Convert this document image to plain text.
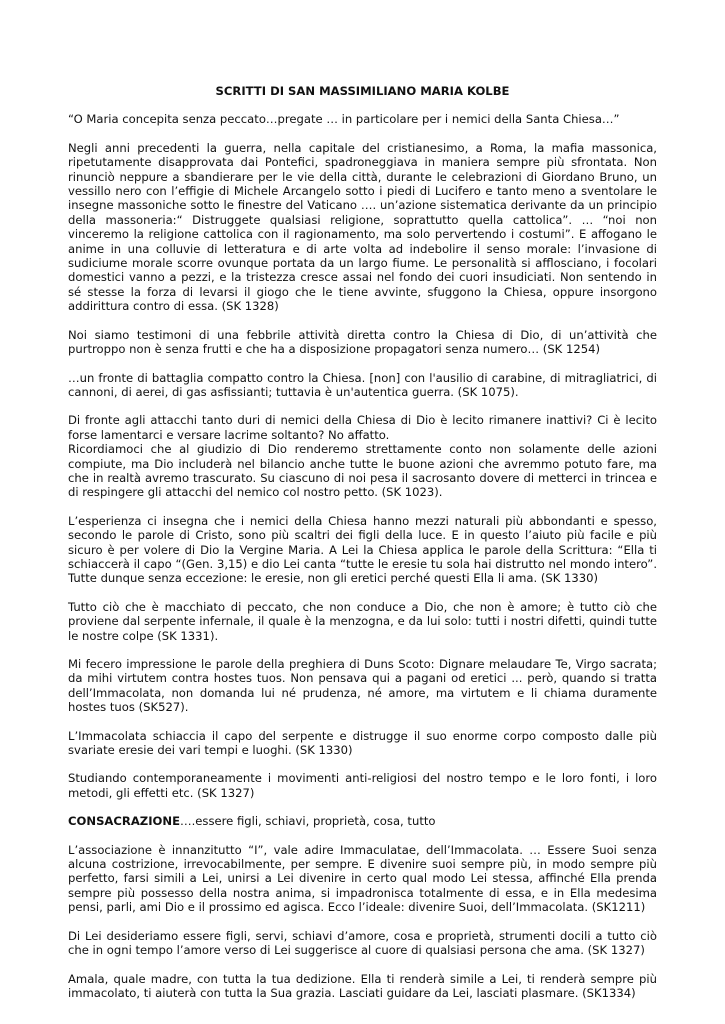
SCRITTI DI SAN MASSIMILIANO MARIA KOLBE

“O Maria concepita senza peccato…pregate … in particolare per i nemici della Santa Chiesa…”

Negli anni precedenti la guerra, nella capitale del cristianesimo, a Roma, la mafia massonica, ripetutamente disapprovata dai Pontefici, spadroneggiava in maniera sempre più sfrontata. Non rinunciò neppure a sbandierare per le vie della città, durante le celebrazioni di Giordano Bruno, un vessillo nero con l’effigie di Michele Arcangelo sotto i piedi di Lucifero e tanto meno a sventolare le insegne massoniche sotto le finestre del Vaticano …. un’azione sistematica derivante da un principio della massoneria:“ Distruggete qualsiasi religione, soprattutto quella cattolica”. … “noi non vinceremo la religione cattolica con il ragionamento, ma solo pervertendo i costumi”. E affogano le anime in una colluvie di letteratura e di arte volta ad indebolire il senso morale: l’invasione di sudiciume morale scorre ovunque portata da un largo fiume. Le personalità si afflosciano, i focolari domestici vanno a pezzi, e la tristezza cresce assai nel fondo dei cuori insudiciati. Non sentendo in sé stesse la forza di levarsi il giogo che le tiene avvinte, sfuggono la Chiesa, oppure insorgono addirittura contro di essa. (SK 1328)

Noi siamo testimoni di una febbrile attività diretta contro la Chiesa di Dio, di un’attività che purtroppo non è senza frutti e che ha a disposizione propagatori senza numero… (SK 1254)

…un fronte di battaglia compatto contro la Chiesa. [non] con l'ausilio di carabine, di mitragliatrici, di cannoni, di aerei, di gas asfissianti; tuttavia è un'autentica guerra. (SK 1075).

Di fronte agli attacchi tanto duri di nemici della Chiesa di Dio è lecito rimanere inattivi? Ci è lecito forse lamentarci e versare lacrime soltanto? No affatto.

Ricordiamoci che al giudizio di Dio renderemo strettamente conto non solamente delle azioni compiute, ma Dio includerà nel bilancio anche tutte le buone azioni che avremmo potuto fare, ma che in realtà avremo trascurato. Su ciascuno di noi pesa il sacrosanto dovere di metterci in trincea e di respingere gli attacchi del nemico col nostro petto. (SK 1023).

L’esperienza ci insegna che i nemici della Chiesa hanno mezzi naturali più abbondanti e spesso, secondo le parole di Cristo, sono più scaltri dei figli della luce. E in questo l’aiuto più facile e più sicuro è per volere di Dio la Vergine Maria. A Lei la Chiesa applica le parole della Scrittura: “Ella ti schiaccerà il capo “(Gen. 3,15) e dio Lei canta “tutte le eresie tu sola hai distrutto nel mondo intero”. Tutte dunque senza eccezione: le eresie, non gli eretici perché questi Ella li ama. (SK 1330)

Tutto ciò che è macchiato di peccato, che non conduce a Dio, che non è amore; è tutto ciò che proviene dal serpente infernale, il quale è la menzogna, e da lui solo: tutti i nostri difetti, quindi tutte le nostre colpe (SK 1331).

Mi fecero impressione le parole della preghiera di Duns Scoto: Dignare melaudare Te, Virgo sacrata; da mihi virtutem contra hostes tuos. Non pensava qui a pagani od eretici ... però, quando si tratta dell’Immacolata, non domanda lui né prudenza, né amore, ma virtutem e li chiama duramente hostes tuos (SK527).

L’Immacolata schiaccia il capo del serpente e distrugge il suo enorme corpo composto dalle più svariate eresie dei vari tempi e luoghi. (SK 1330)

Studiando contemporaneamente i movimenti anti-religiosi del nostro tempo e le loro fonti, i loro metodi, gli effetti etc. (SK 1327)

CONSACRAZIONE….essere figli, schiavi, proprietà, cosa, tutto

L’associazione è innanzitutto “I”, vale adire Immaculatae, dell’Immacolata. … Essere Suoi senza alcuna costrizione, irrevocabilmente, per sempre. E divenire suoi sempre più, in modo sempre più perfetto, farsi simili a Lei, unirsi a Lei divenire in certo qual modo Lei stessa, affinché Ella prenda sempre più possesso della nostra anima, si impadronisca totalmente di essa, e in Ella medesima pensi, parli, ami Dio e il prossimo ed agisca. Ecco l’ideale: divenire Suoi, dell’Immacolata. (SK1211)

Di Lei desideriamo essere figli, servi, schiavi d’amore, cosa e proprietà, strumenti docili a tutto ciò che in ogni tempo l’amore verso di Lei suggerisce al cuore di qualsiasi persona che ama. (SK 1327)

Amala, quale madre, con tutta la tua dedizione. Ella ti renderà simile a Lei, ti renderà sempre più immacolato, ti aiuterà con tutta la Sua grazia. Lasciati guidare da Lei, lasciati plasmare. (SK1334)
